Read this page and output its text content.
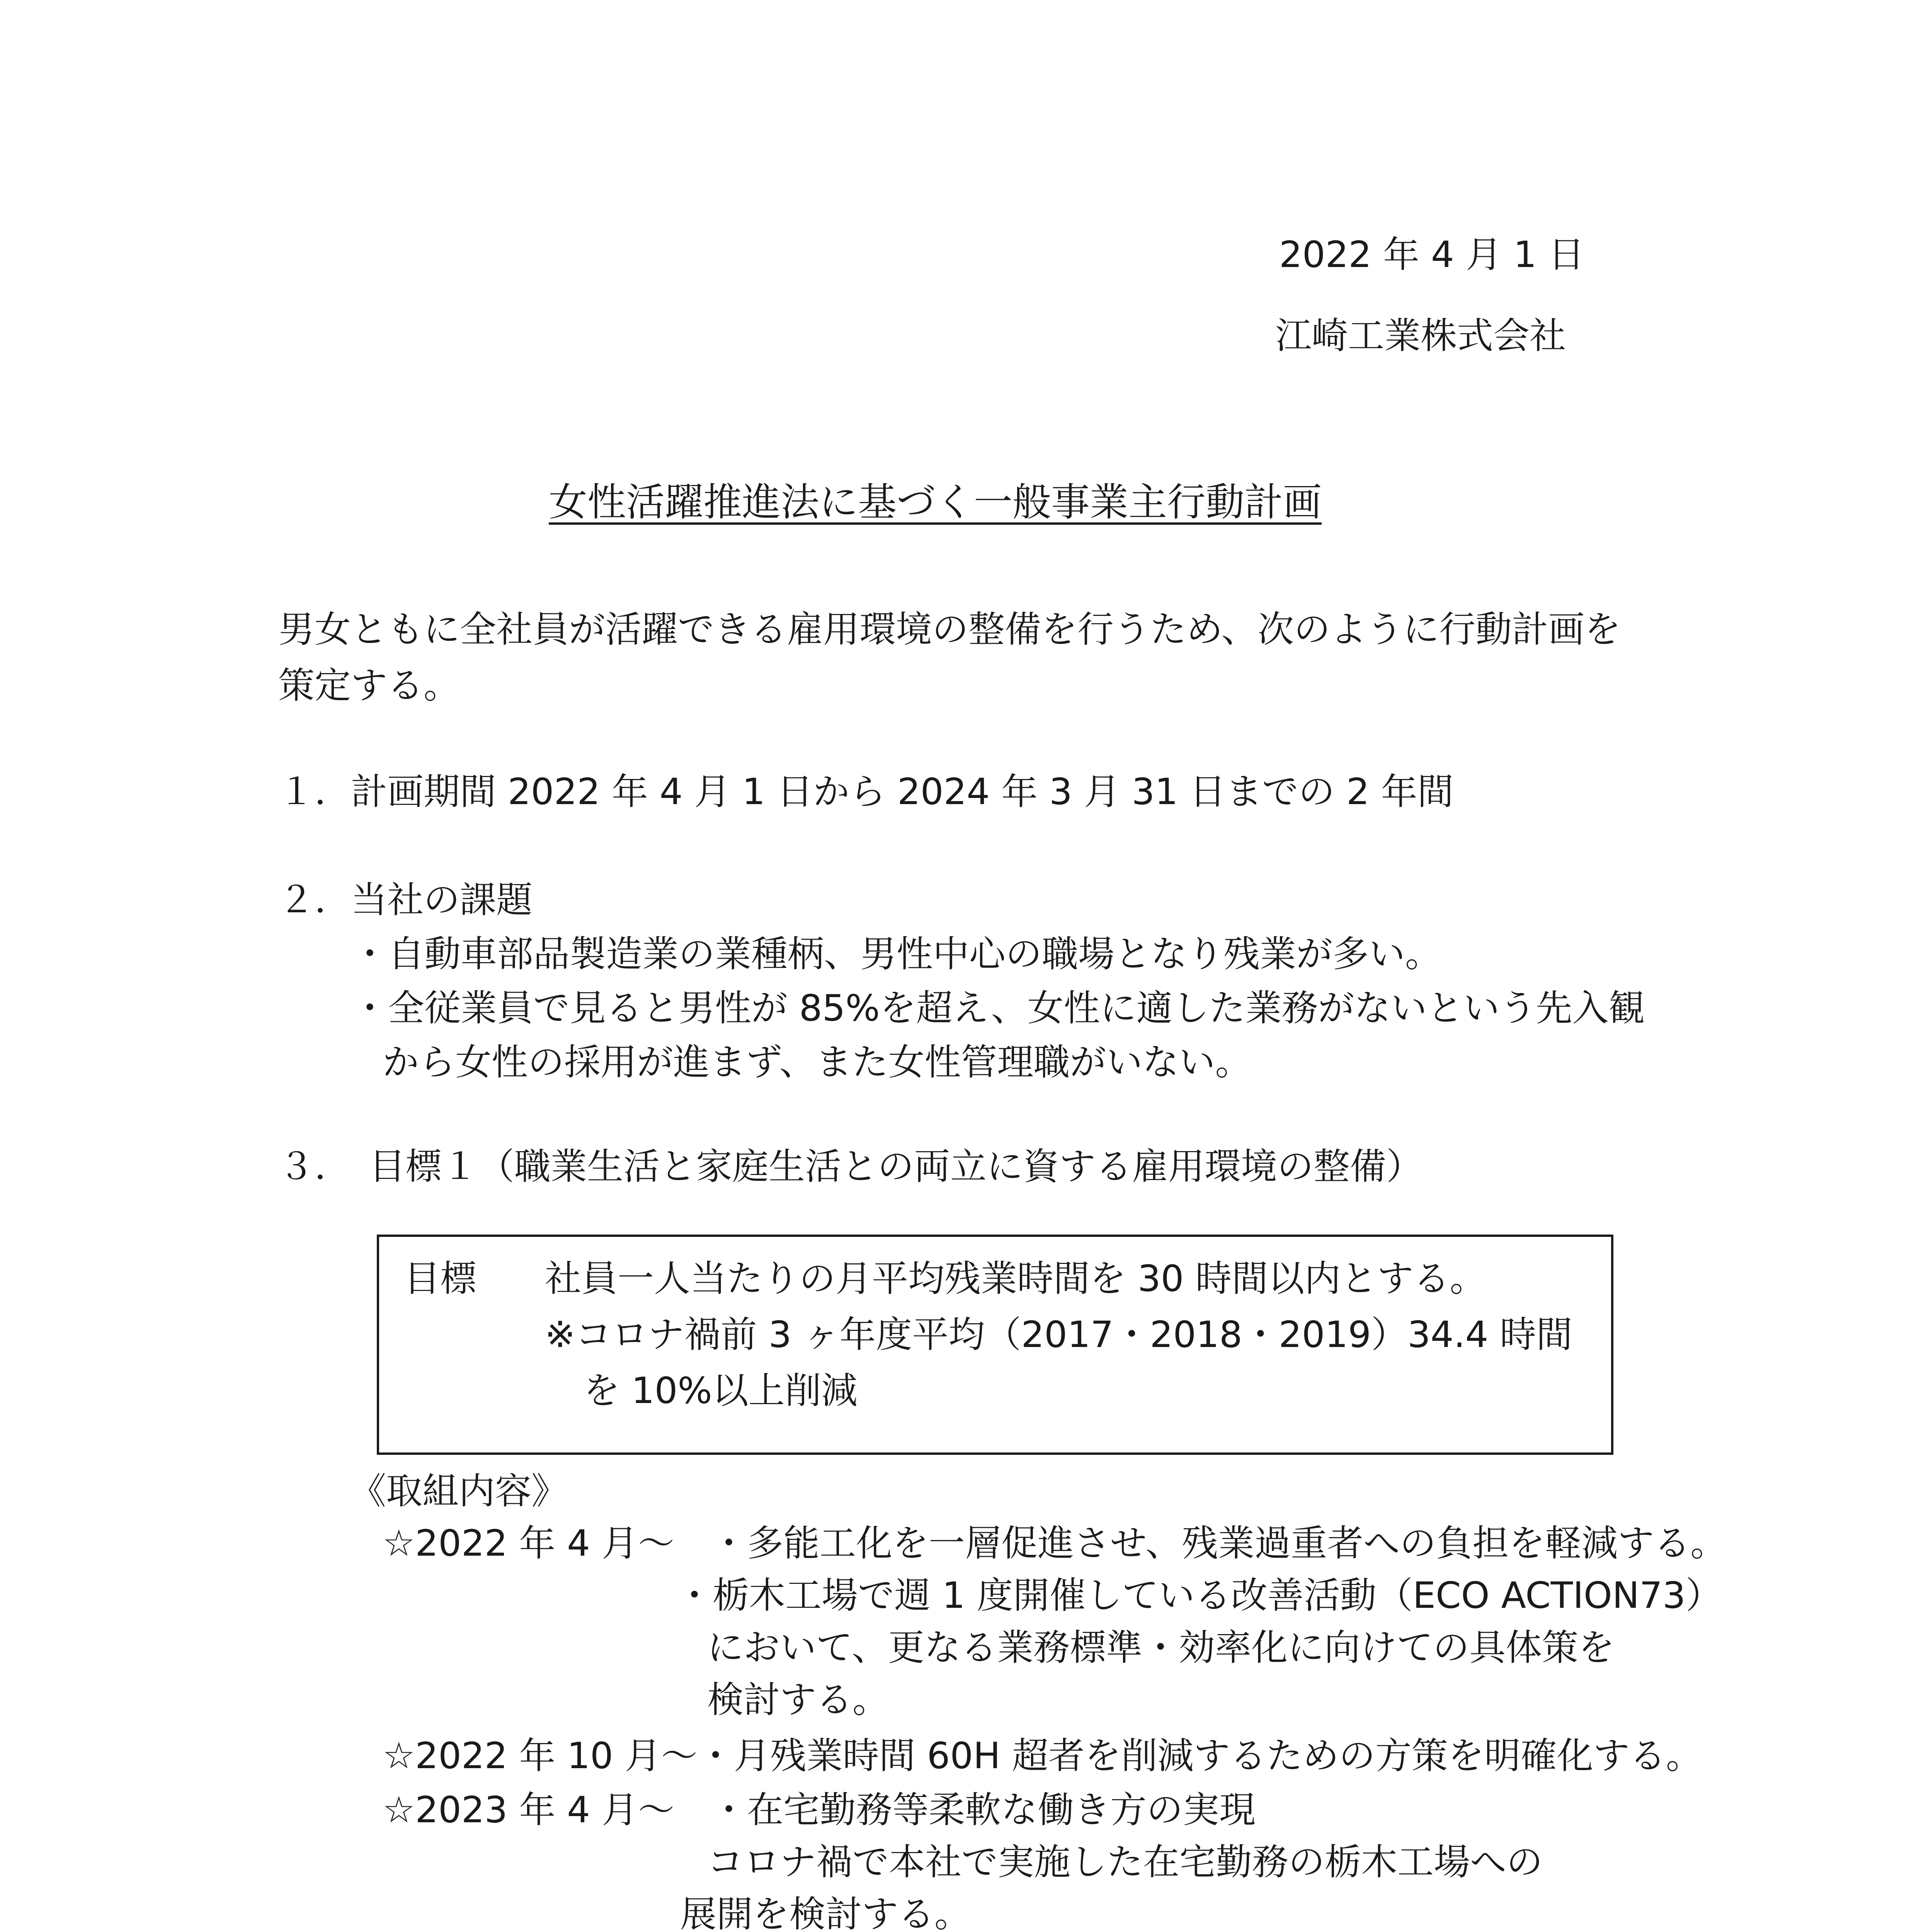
2022 年 4 月 1 日
江崎工業株式会社
女性活躍推進法に基づく一般事業主行動計画
男女ともに全社員が活躍できる雇用環境の整備を行うため、次のように行動計画を
策定する。
１．計画期間 2022 年 4 月 1 日から 2024 年 3 月 31 日までの 2 年間
２．当社の課題
・自動車部品製造業の業種柄、男性中心の職場となり残業が多い。
・全従業員で見ると男性が 85%を超え、女性に適した業務がないという先入観
から女性の採用が進まず、また女性管理職がいない。
３．　目標１（職業生活と家庭生活との両立に資する雇用環境の整備）
目標 社員一人当たりの月平均残業時間を 30 時間以内とする。
※コロナ禍前 3 ヶ年度平均（2017・2018・2019）34.4 時間
を 10%以上削減
《取組内容》
☆2022 年 4 月～　・多能工化を一層促進させ、残業過重者への負担を軽減する。
・栃木工場で週 1 度開催している改善活動（ECO ACTION73）
において、更なる業務標準・効率化に向けての具体策を
検討する。
☆2022 年 10 月～・月残業時間 60H 超者を削減するための方策を明確化する。
☆2023 年 4 月～　・在宅勤務等柔軟な働き方の実現
コロナ禍で本社で実施した在宅勤務の栃木工場への
展開を検討する。
